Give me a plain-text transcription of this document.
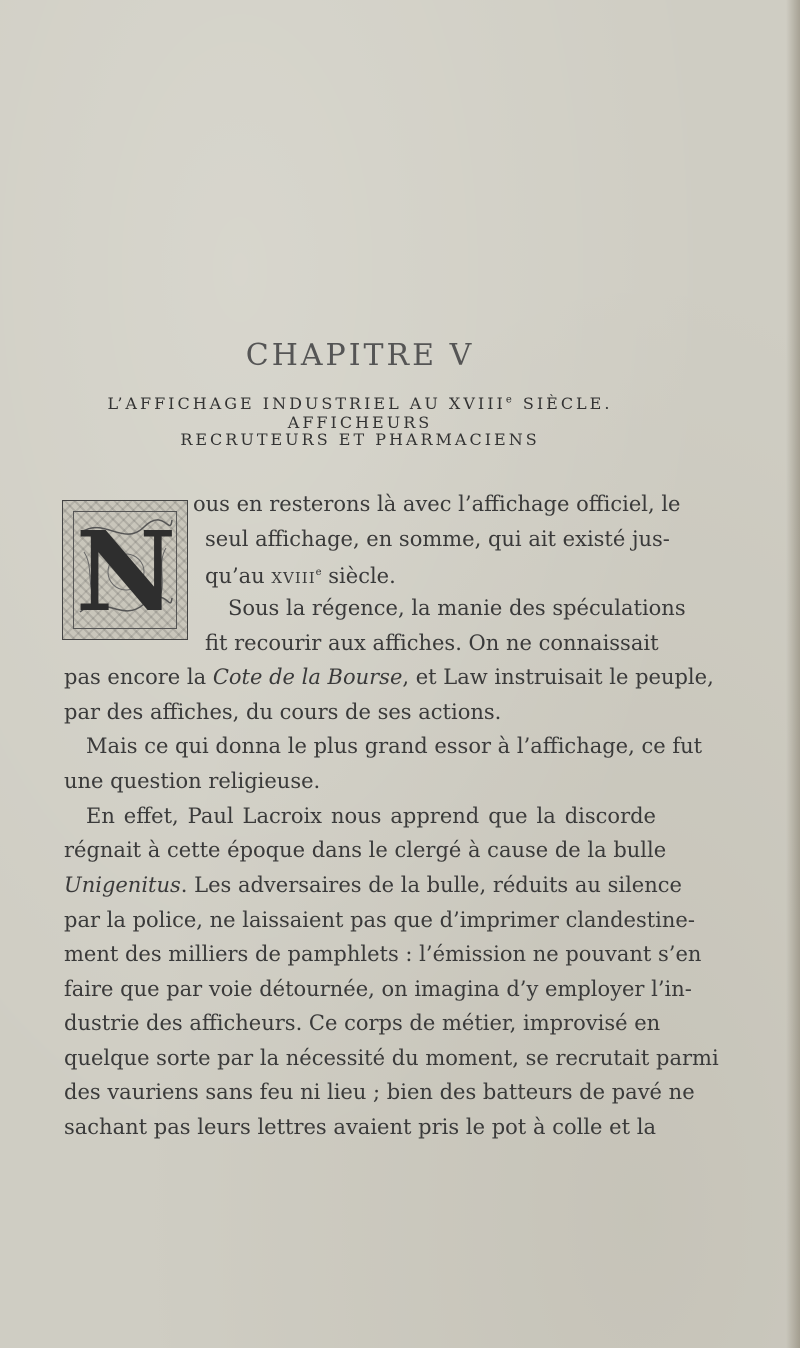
CHAPITRE V
L’AFFICHAGE INDUSTRIEL AU XVIIIe SIÈCLE. AFFICHEURS
RECRUTEURS ET PHARMACIENS
N
ous en resterons là avec l’affichage officiel, le
seul affichage, en somme, qui ait existé jus-
qu’au xviii$^e$ siècle.
Sous la régence, la manie des spéculations
fit recourir aux affiches. On ne connaissait
pas encore la Cote de la Bourse, et Law instruisait le peuple,
par des affiches, du cours de ses actions.
Mais ce qui donna le plus grand essor à l’affichage, ce fut
une question religieuse.
En effet, Paul Lacroix nous apprend que la discorde
régnait à cette époque dans le clergé à cause de la bulle
Unigenitus. Les adversaires de la bulle, réduits au silence
par la police, ne laissaient pas que d’imprimer clandestine-
ment des milliers de pamphlets : l’émission ne pouvant s’en
faire que par voie détournée, on imagina d’y employer l’in-
dustrie des afficheurs. Ce corps de métier, improvisé en
quelque sorte par la nécessité du moment, se recrutait parmi
des vauriens sans feu ni lieu ; bien des batteurs de pavé ne
sachant pas leurs lettres avaient pris le pot à colle et la
